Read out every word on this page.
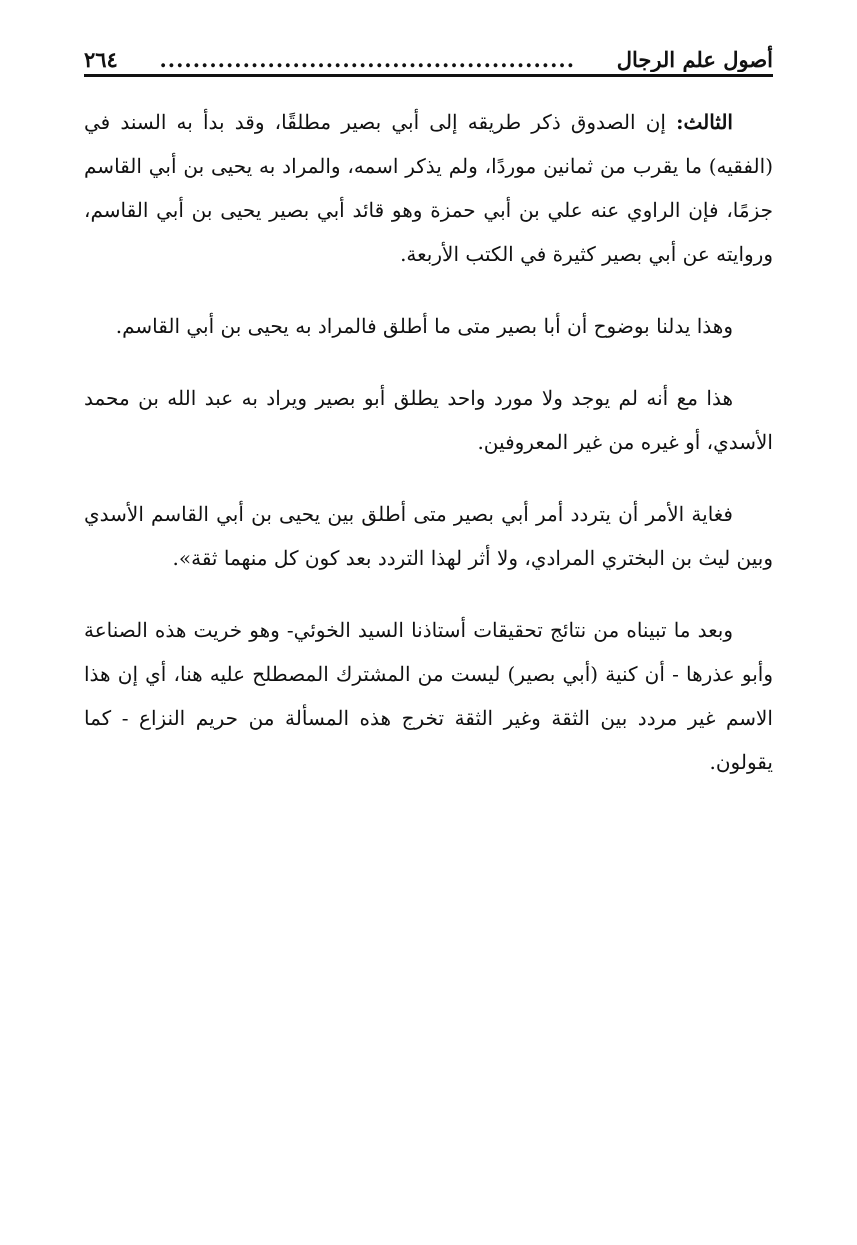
أصول علم الرجال
..................................................
٢٦٤

الثالث: إن الصدوق ذكر طريقه إلى أبي بصير مطلقًا، وقد بدأ به السند في (الفقيه) ما يقرب من ثمانين موردًا، ولم يذكر اسمه، والمراد به يحيى بن أبي القاسم جزمًا، فإن الراوي عنه علي بن أبي حمزة وهو قائد أبي بصير يحيى بن أبي القاسم، وروايته عن أبي بصير كثيرة في الكتب الأربعة.

وهذا يدلنا بوضوح أن أبا بصير متى ما أطلق فالمراد به يحيى بن أبي القاسم.

هذا مع أنه لم يوجد ولا مورد واحد يطلق أبو بصير ويراد به عبد الله بن محمد الأسدي، أو غيره من غير المعروفين.

فغاية الأمر أن يتردد أمر أبي بصير متى أطلق بين يحيى بن أبي القاسم الأسدي وبين ليث بن البختري المرادي، ولا أثر لهذا التردد بعد كون كل منهما ثقة».

وبعد ما تبيناه من نتائج تحقيقات أستاذنا السيد الخوئي- وهو خريت هذه الصناعة وأبو عذرها - أن كنية (أبي بصير) ليست من المشترك المصطلح عليه هنا، أي إن هذا الاسم غير مردد بين الثقة وغير الثقة تخرج هذه المسألة من حريم النزاع - كما يقولون.
